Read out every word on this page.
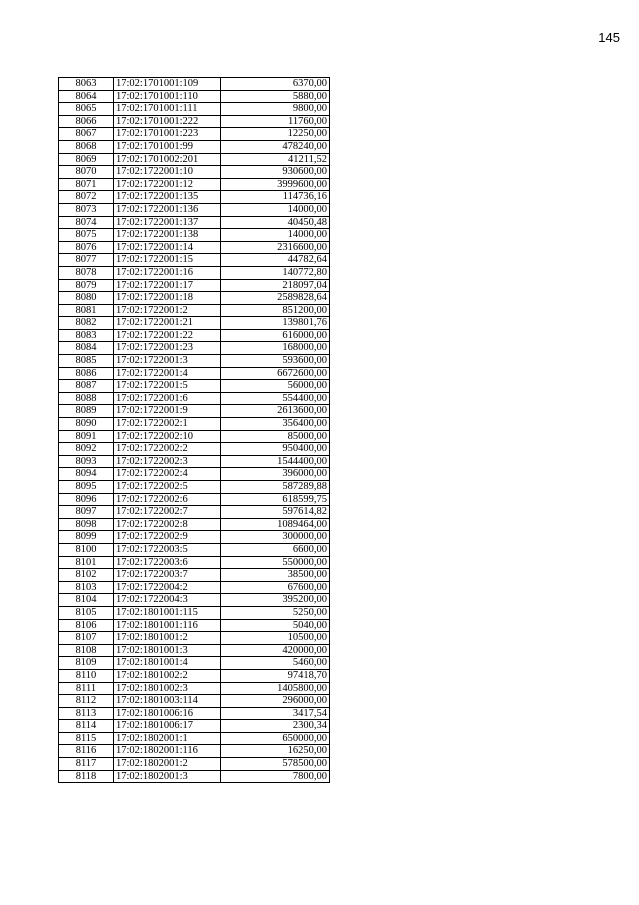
145
8063	17:02:1701001:109	6370,00
8064	17:02:1701001:110	5880,00
8065	17:02:1701001:111	9800,00
8066	17:02:1701001:222	11760,00
8067	17:02:1701001:223	12250,00
8068	17:02:1701001:99	478240,00
8069	17:02:1701002:201	41211,52
8070	17:02:1722001:10	930600,00
8071	17:02:1722001:12	3999600,00
8072	17:02:1722001:135	114736,16
8073	17:02:1722001:136	14000,00
8074	17:02:1722001:137	40450,48
8075	17:02:1722001:138	14000,00
8076	17:02:1722001:14	2316600,00
8077	17:02:1722001:15	44782,64
8078	17:02:1722001:16	140772,80
8079	17:02:1722001:17	218097,04
8080	17:02:1722001:18	2589828,64
8081	17:02:1722001:2	851200,00
8082	17:02:1722001:21	139801,76
8083	17:02:1722001:22	616000,00
8084	17:02:1722001:23	168000,00
8085	17:02:1722001:3	593600,00
8086	17:02:1722001:4	6672600,00
8087	17:02:1722001:5	56000,00
8088	17:02:1722001:6	554400,00
8089	17:02:1722001:9	2613600,00
8090	17:02:1722002:1	356400,00
8091	17:02:1722002:10	85000,00
8092	17:02:1722002:2	950400,00
8093	17:02:1722002:3	1544400,00
8094	17:02:1722002:4	396000,00
8095	17:02:1722002:5	587289,88
8096	17:02:1722002:6	618599,75
8097	17:02:1722002:7	597614,82
8098	17:02:1722002:8	1089464,00
8099	17:02:1722002:9	300000,00
8100	17:02:1722003:5	6600,00
8101	17:02:1722003:6	550000,00
8102	17:02:1722003:7	38500,00
8103	17:02:1722004:2	67600,00
8104	17:02:1722004:3	395200,00
8105	17:02:1801001:115	5250,00
8106	17:02:1801001:116	5040,00
8107	17:02:1801001:2	10500,00
8108	17:02:1801001:3	420000,00
8109	17:02:1801001:4	5460,00
8110	17:02:1801002:2	97418,70
8111	17:02:1801002:3	1405800,00
8112	17:02:1801003:114	296000,00
8113	17:02:1801006:16	3417,54
8114	17:02:1801006:17	2300,34
8115	17:02:1802001:1	650000,00
8116	17:02:1802001:116	16250,00
8117	17:02:1802001:2	578500,00
8118	17:02:1802001:3	7800,00
